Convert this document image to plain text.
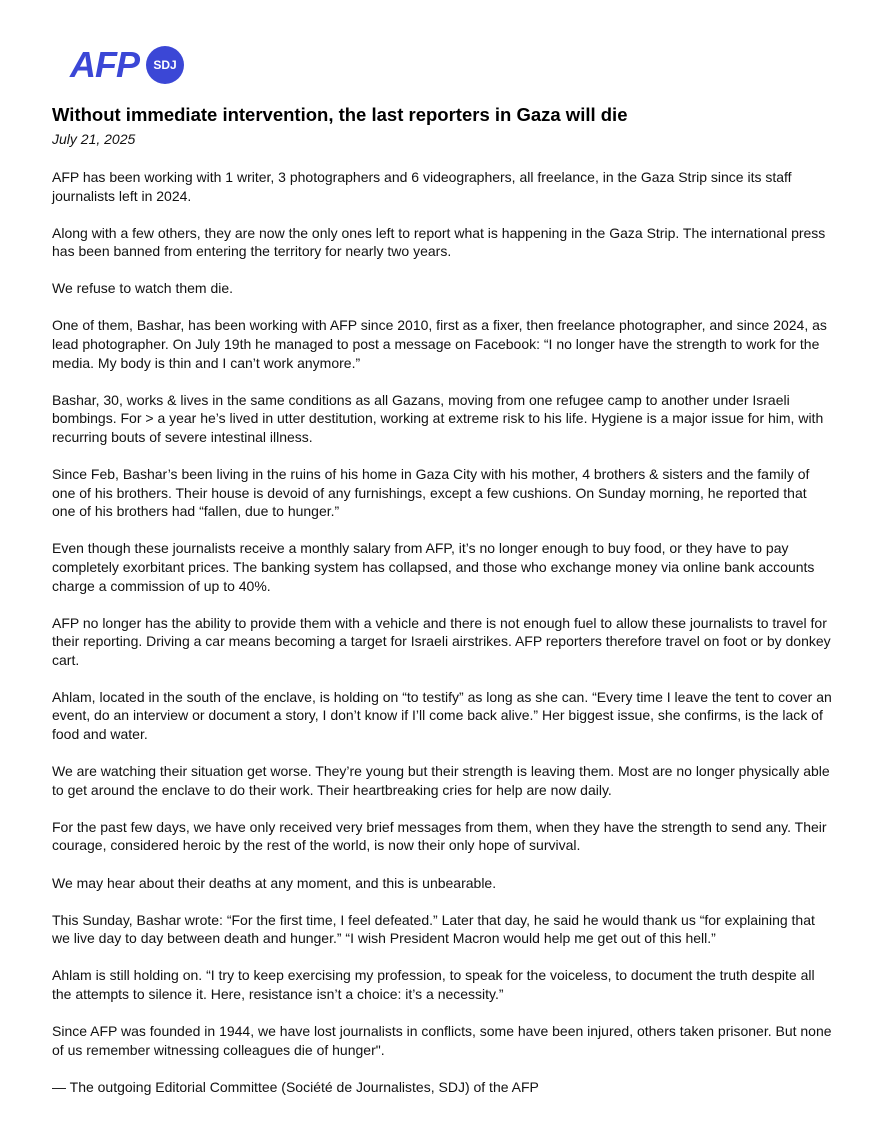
AFP	SDJ
Without immediate intervention, the last reporters in Gaza will die

July 21, 2025

AFP has been working with 1 writer, 3 photographers and 6 videographers, all freelance, in the Gaza Strip since its staff journalists left in 2024.

Along with a few others, they are now the only ones left to report what is happening in the Gaza Strip. The international press has been banned from entering the territory for nearly two years.

We refuse to watch them die.

One of them, Bashar, has been working with AFP since 2010, first as a fixer, then freelance photographer, and since 2024, as lead photographer. On July 19th he managed to post a message on Facebook: “I no longer have the strength to work for the media. My body is thin and I can’t work anymore.”

Bashar, 30, works & lives in the same conditions as all Gazans, moving from one refugee camp to another under Israeli bombings. For > a year he’s lived in utter destitution, working at extreme risk to his life. Hygiene is a major issue for him, with recurring bouts of severe intestinal illness.

Since Feb, Bashar’s been living in the ruins of his home in Gaza City with his mother, 4 brothers & sisters and the family of one of his brothers. Their house is devoid of any furnishings, except a few cushions. On Sunday morning, he reported that one of his brothers had “fallen, due to hunger.”

Even though these journalists receive a monthly salary from AFP, it’s no longer enough to buy food, or they have to pay completely exorbitant prices. The banking system has collapsed, and those who exchange money via online bank accounts charge a commission of up to 40%.

AFP no longer has the ability to provide them with a vehicle and there is not enough fuel to allow these journalists to travel for their reporting. Driving a car means becoming a target for Israeli airstrikes. AFP reporters therefore travel on foot or by donkey cart.

Ahlam, located in the south of the enclave, is holding on “to testify” as long as she can. “Every time I leave the tent to cover an event, do an interview or document a story, I don’t know if I’ll come back alive.” Her biggest issue, she confirms, is the lack of food and water.

We are watching their situation get worse. They’re young but their strength is leaving them. Most are no longer physically able to get around the enclave to do their work. Their heartbreaking cries for help are now daily.

For the past few days, we have only received very brief messages from them, when they have the strength to send any. Their courage, considered heroic by the rest of the world, is now their only hope of survival.

We may hear about their deaths at any moment, and this is unbearable.

This Sunday, Bashar wrote: “For the first time, I feel defeated.” Later that day, he said he would thank us “for explaining that we live day to day between death and hunger.” “I wish President Macron would help me get out of this hell.”

Ahlam is still holding on. “I try to keep exercising my profession, to speak for the voiceless, to document the truth despite all the attempts to silence it. Here, resistance isn’t a choice: it’s a necessity.”

Since AFP was founded in 1944, we have lost journalists in conflicts, some have been injured, others taken prisoner. But none of us remember witnessing colleagues die of hunger".

— The outgoing Editorial Committee (Société de Journalistes, SDJ) of the AFP
